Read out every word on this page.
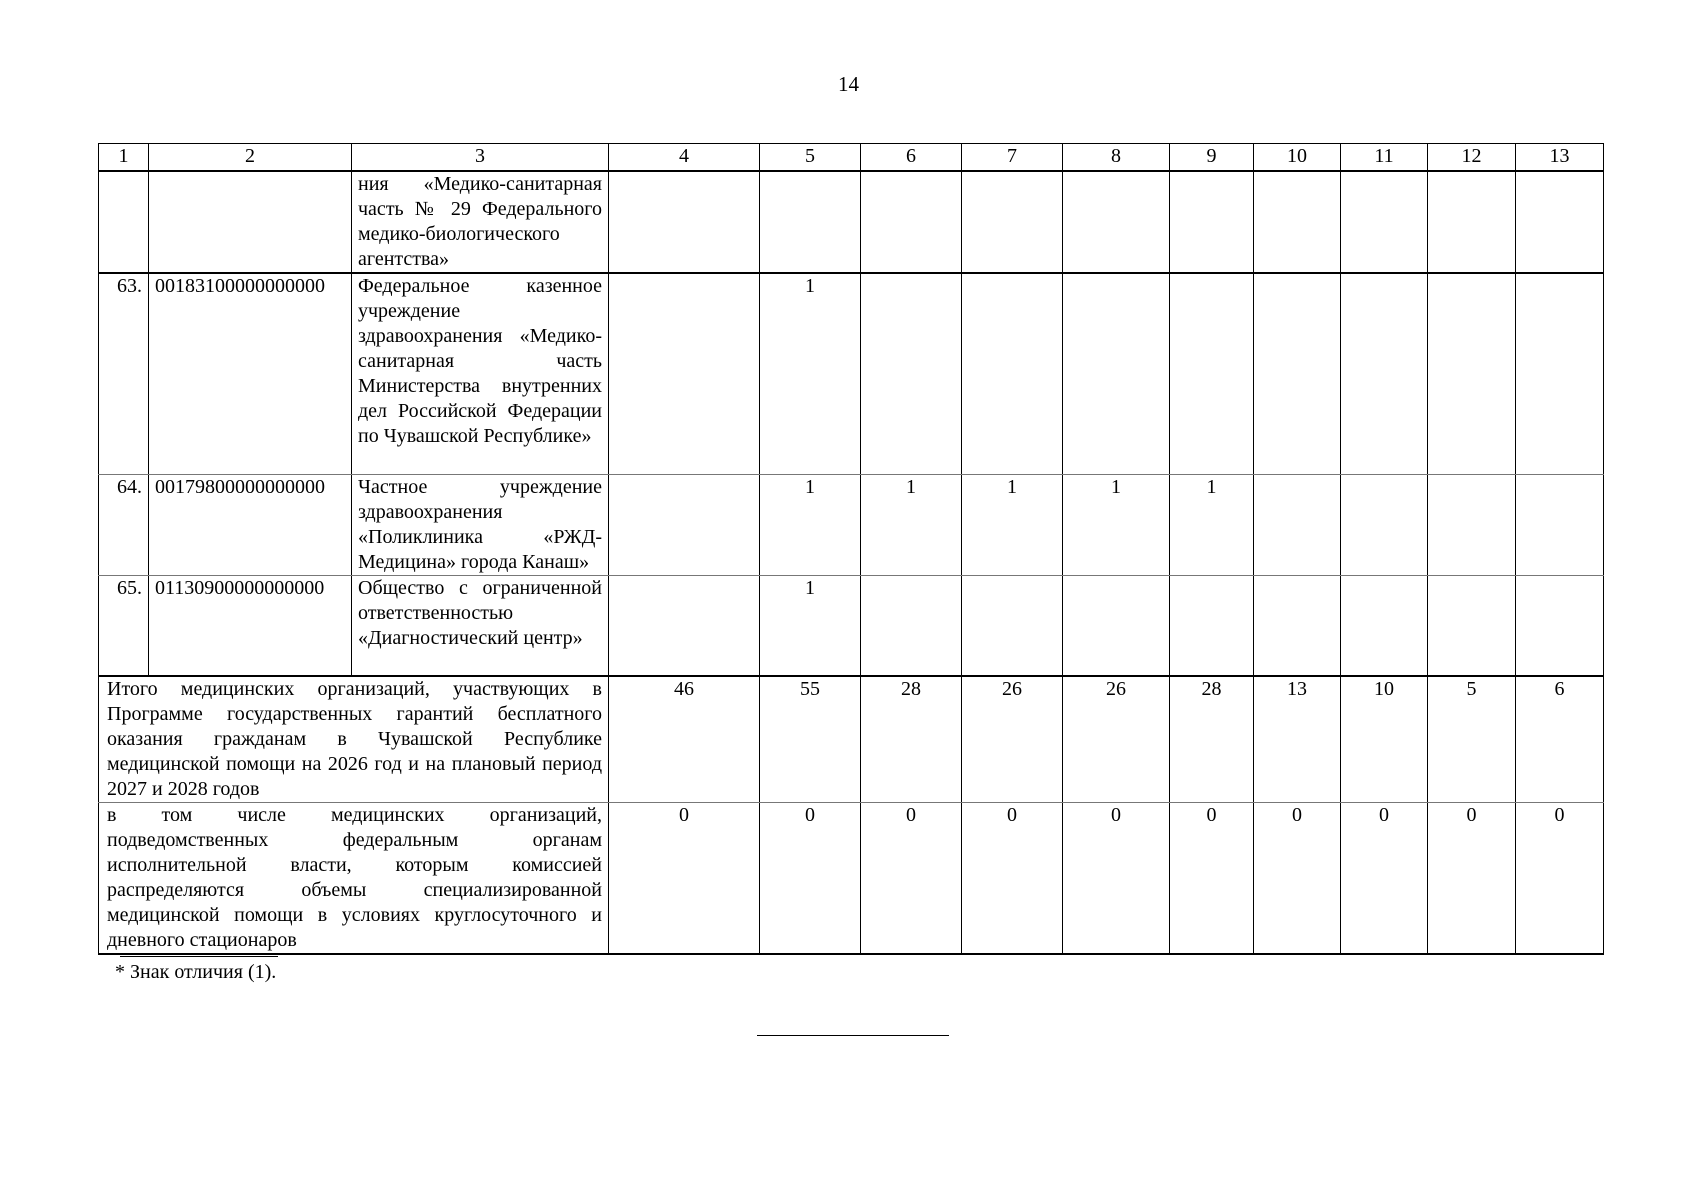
14
1	2	3	4	5	6	7	8	9	10	11	12	13
		ния «Медико-санитарная часть № 29 Федерального медико-биологического агентства»										
63.	00183100000000000	Федеральное казенное учреждение здравоохранения «Медико-санитарная часть Министерства внутренних дел Российской Федерации по Чувашской Республике»		1								
64.	00179800000000000	Частное учреждение здравоохранения «Поликлиника «РЖД-Медицина» города Канаш»		1	1	1	1	1				
65.	01130900000000000	Общество с ограниченной ответственностью «Диагностический центр»		1								
Итого медицинских организаций, участвующих в Программе государственных гарантий бесплатного оказания гражданам в Чувашской Республике медицинской помощи на 2026 год и на плановый период 2027 и 2028 годов			46	55	28	26	26	28	13	10	5	6
в том числе медицинских организаций, подведомственных федеральным органам исполнительной власти, которым комиссией распределяются объемы специализированной медицинской помощи в условиях круглосуточного и дневного стационаров			0	0	0	0	0	0	0	0	0	0
* Знак отличия (1).
